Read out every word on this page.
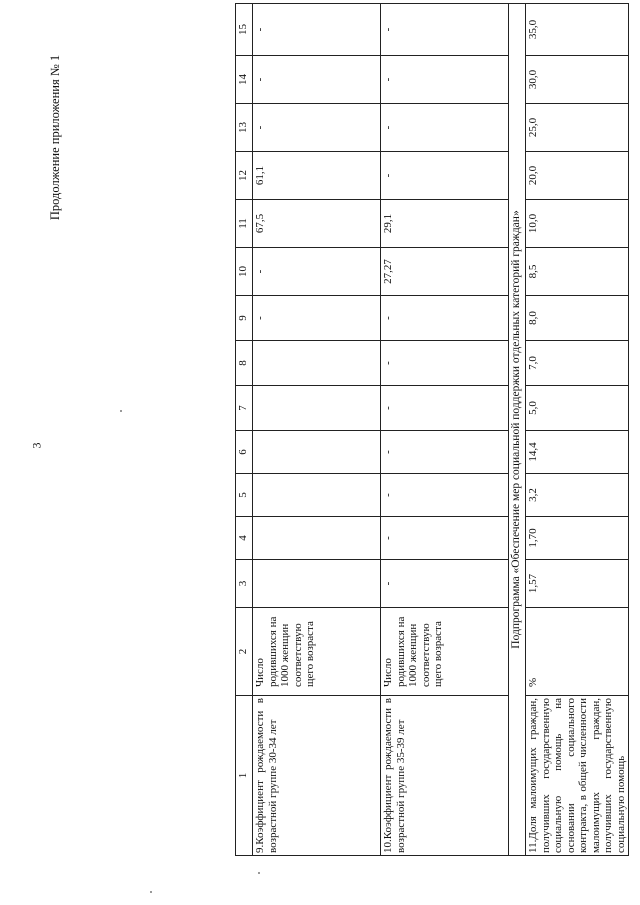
3
Продолжение приложения № 1
1	2	3	4	5	6	7	8	9	10	11	12	13	14	15
9.Коэффициент рождаемости в возрастной группе 30-34 лет	Число родившихся на 1000 женщин соответствую щего возраста							-	-	67,5	61,1	-	-	-
10.Коэффициент рождаемости в возрастной группе 35-39 лет	Число родившихся на 1000 женщин соответствую щего возраста	-	-	-	-	-	-	-	27,27	29,1	-	-	-	-
Подпрограмма «Обеспечение мер социальной поддержки отдельных категорий граждан»														
11.Доля малоимущих граждан, получивших государственную социальную помощь на основании социального контракта, в общей численности малоимущих граждан, получивших государственную социальную помощь	%	1,57	1,70	3,2	14,4	5,0	7,0	8,0	8,5	10,0	20,0	25,0	30,0	35,0
